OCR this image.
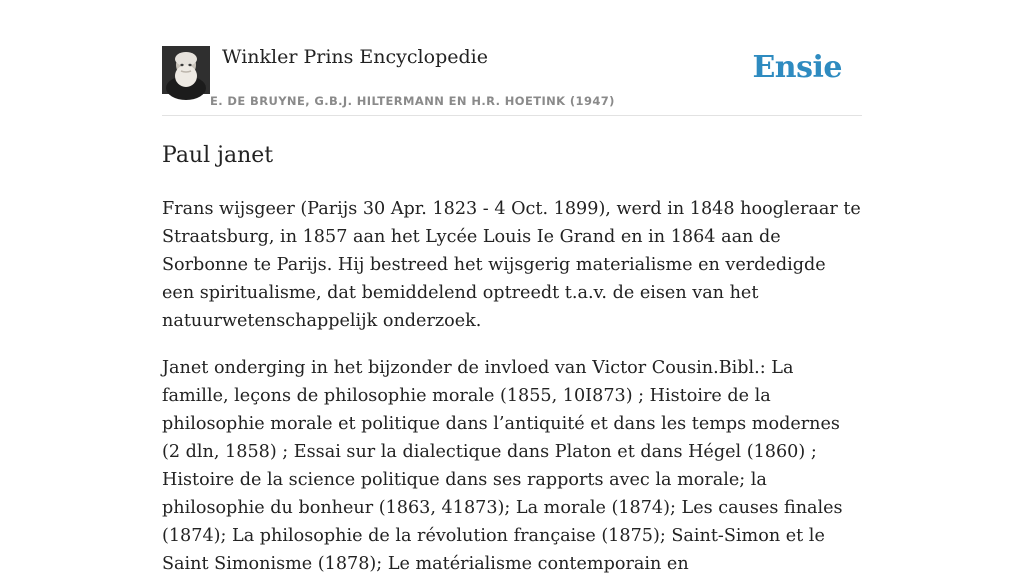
Winkler Prins Encyclopedie
E. DE BRUYNE, G.B.J. HILTERMANN EN H.R. HOETINK (1947)
Ensie
Paul janet

Frans wijsgeer (Parijs 30 Apr. 1823 - 4 Oct. 1899), werd in 1848 hoogleraar te Straatsburg, in 1857 aan het Lycée Louis Ie Grand en in 1864 aan de Sorbonne te Parijs. Hij bestreed het wijsgerig materialisme en verdedigde een spiritualisme, dat bemiddelend optreedt t.a.v. de eisen van het natuurwetenschappelijk onderzoek.

Janet onderging in het bijzonder de invloed van Victor Cousin.Bibl.: La famille, leçons de philosophie morale (1855, 10I873) ; Histoire de la philosophie morale et politique dans l’antiquité et dans les temps modernes (2 dln, 1858) ; Essai sur la dialectique dans Platon et dans Hégel (1860) ; Histoire de la science politique dans ses rapports avec la morale; la philosophie du bonheur (1863, 41873); La morale (1874); Les causes finales (1874); La philosophie de la révolution française (1875); Saint-Simon et le Saint Simonisme (1878); Le matérialisme contemporain en
